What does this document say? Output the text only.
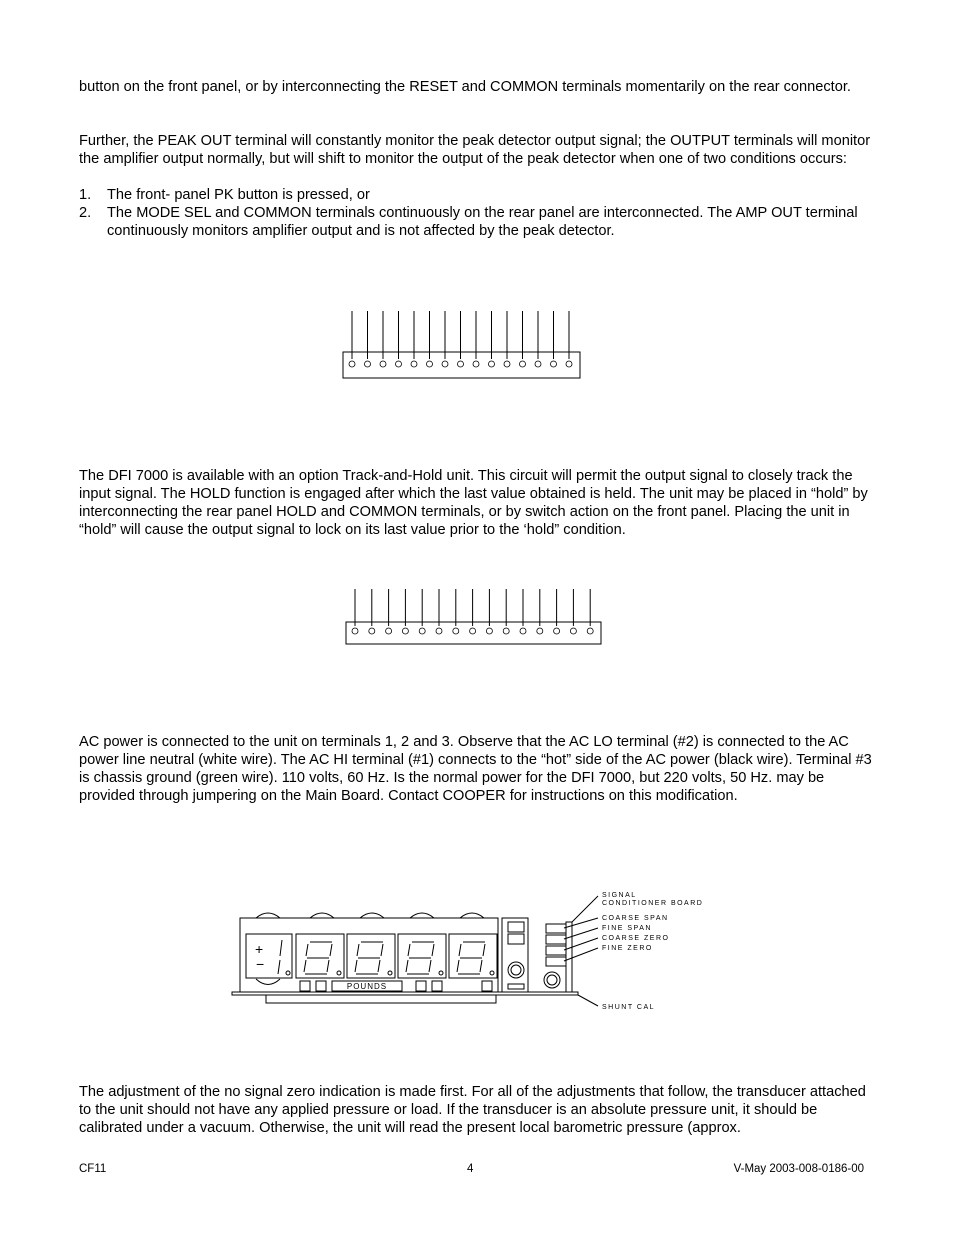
button on the front panel, or by interconnecting the RESET and COMMON terminals momentarily on the rear connector.

Further, the PEAK OUT terminal will constantly monitor the peak detector output signal; the OUTPUT terminals will monitor the amplifier output normally, but will shift to monitor the output of the peak detector when one of two conditions occurs:

1. The front- panel PK button is pressed, or
2. The MODE SEL and COMMON terminals continuously on the rear panel are interconnected. The AMP OUT terminal continuously monitors amplifier output and is not affected by the peak detector.

The DFI 7000 is available with an option Track-and-Hold unit. This circuit will permit the output signal to closely track the input signal. The HOLD function is engaged after which the last value obtained is held. The unit may be placed in “hold” by interconnecting the rear panel HOLD and COMMON terminals, or by switch action on the front panel. Placing the unit in “hold” will cause the output signal to lock on its last value prior to the ‘hold” condition.

AC power is connected to the unit on terminals 1, 2 and 3. Observe that the AC LO terminal (#2) is connected to the AC power line neutral (white wire). The AC HI terminal (#1) connects to the “hot” side of the AC power (black wire). Terminal #3 is chassis ground (green wire). 110 volts, 60 Hz. Is the normal power for the DFI 7000, but 220 volts, 50 Hz. may be provided through jumpering on the Main Board. Contact COOPER for instructions on this modification.

+
−
POUNDS
SIGNAL
CONDITIONER BOARD
COARSE SPAN
FINE SPAN
COARSE ZERO
FINE ZERO
SHUNT CAL

The adjustment of the no signal zero indication is made first. For all of the adjustments that follow, the transducer attached to the unit should not have any applied pressure or load. If the transducer is an absolute pressure unit, it should be calibrated under a vacuum. Otherwise, the unit will read the present local barometric pressure (approx.

CF11	4	V-May 2003-008-0186-00
